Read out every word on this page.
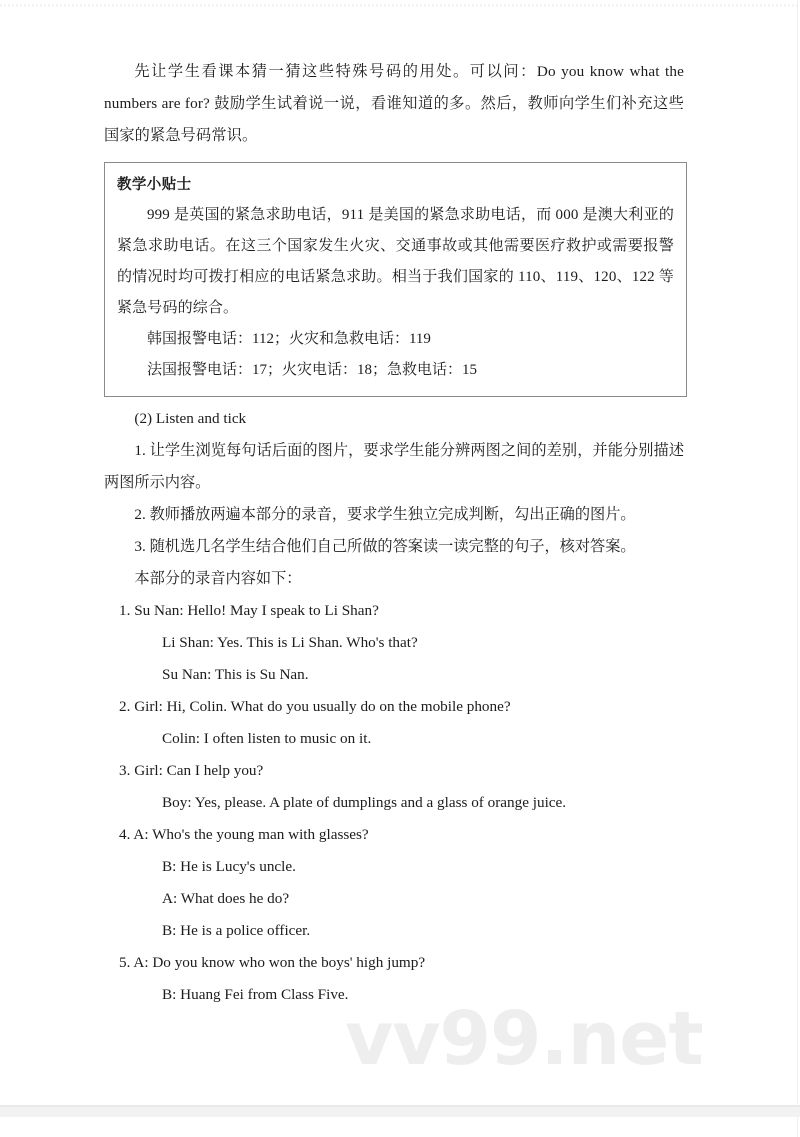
先让学生看课本猜一猜这些特殊号码的用处。可以问：Do you know what the numbers are for? 鼓励学生试着说一说，看谁知道的多。然后，教师向学生们补充这些国家的紧急号码常识。

教学小贴士

999 是英国的紧急求助电话，911 是美国的紧急求助电话，而 000 是澳大利亚的紧急求助电话。在这三个国家发生火灾、交通事故或其他需要医疗救护或需要报警的情况时均可拨打相应的电话紧急求助。相当于我们国家的 110、119、120、122 等紧急号码的综合。

韩国报警电话：112；火灾和急救电话：119

法国报警电话：17；火灾电话：18；急救电话：15

(2) Listen and tick

1. 让学生浏览每句话后面的图片，要求学生能分辨两图之间的差别，并能分别描述两图所示内容。

2. 教师播放两遍本部分的录音，要求学生独立完成判断，勾出正确的图片。

3. 随机选几名学生结合他们自己所做的答案读一读完整的句子，核对答案。

本部分的录音内容如下：

1. Su Nan: Hello! May I speak to Li Shan?

Li Shan: Yes. This is Li Shan. Who's that?

Su Nan: This is Su Nan.

2. Girl: Hi, Colin. What do you usually do on the mobile phone?

Colin: I often listen to music on it.

3. Girl: Can I help you?

Boy: Yes, please. A plate of dumplings and a glass of orange juice.

4. A: Who's the young man with glasses?

B: He is Lucy's uncle.

A: What does he do?

B: He is a police officer.

5. A: Do you know who won the boys' high jump?

B: Huang Fei from Class Five.

vv99.net
